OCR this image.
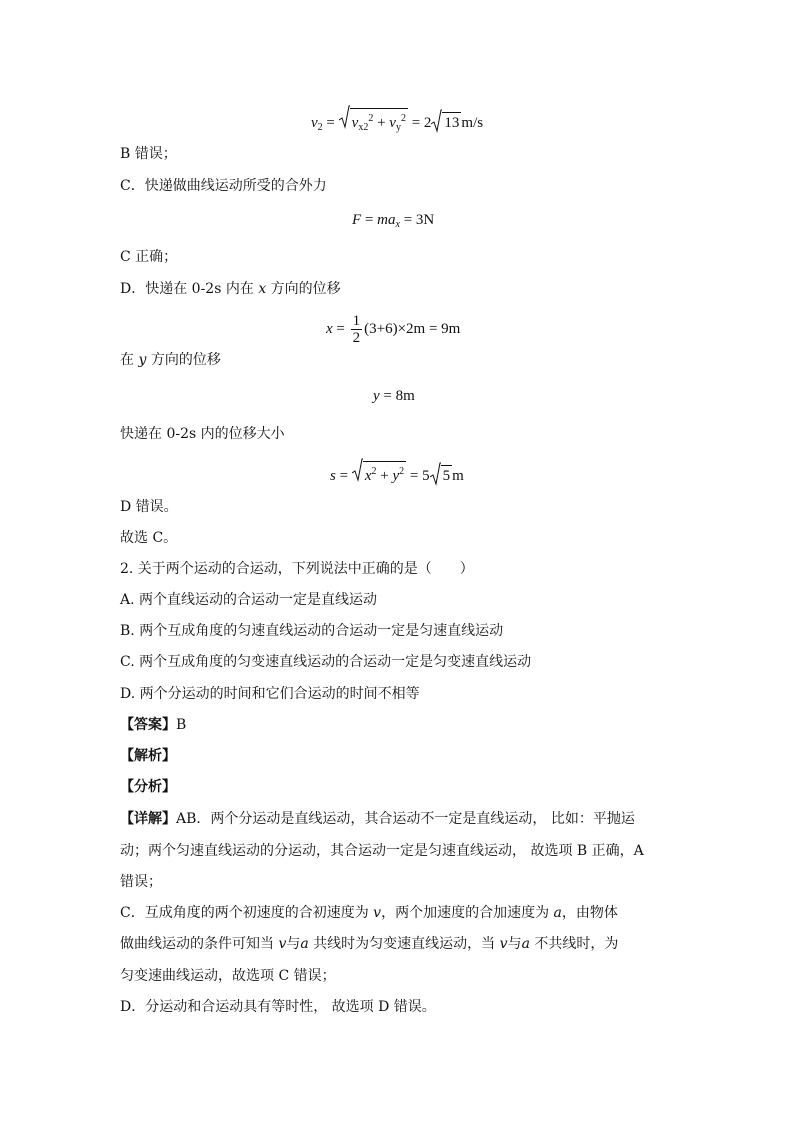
$v_2$ =
$v_{x2}^2 + v_y^2 = 2$ 13 m/s
B 错误；
C．快递做曲线运动所受的合外力
$F = ma_x = 3N$
C 正确；
D．快递在 0-2s 内在 x 方向的位移
$x = \frac{1}{2} (3+6)\times 2m = 9m$
在 y 方向的位移
y = 8m
快递在 0-2s 内的位移大小
s =
$x^2 + y^2 = 5$ 5 m
D 错误。
故选 C。
2. 关于两个运动的合运动，下列说法中正确的是（　　）
A. 两个直线运动的合运动一定是直线运动
B. 两个互成角度的匀速直线运动的合运动一定是匀速直线运动
C. 两个互成角度的匀变速直线运动的合运动一定是匀变速直线运动
D. 两个分运动的时间和它们合运动的时间不相等
【答案】B
【解析】
【分析】
【详解】AB．两个分运动是直线运动，其合运动不一定是直线运动， 比如：平抛运
动；两个匀速直线运动的分运动，其合运动一定是匀速直线运动， 故选项 B 正确，A
错误；
C．互成角度的两个初速度的合初速度为 v，两个加速度的合加速度为 a，由物体
做曲线运动的条件可知当 v与a 共线时为匀变速直线运动，当 v与a 不共线时，为
匀变速曲线运动，故选项 C 错误；
D．分运动和合运动具有等时性， 故选项 D 错误。
